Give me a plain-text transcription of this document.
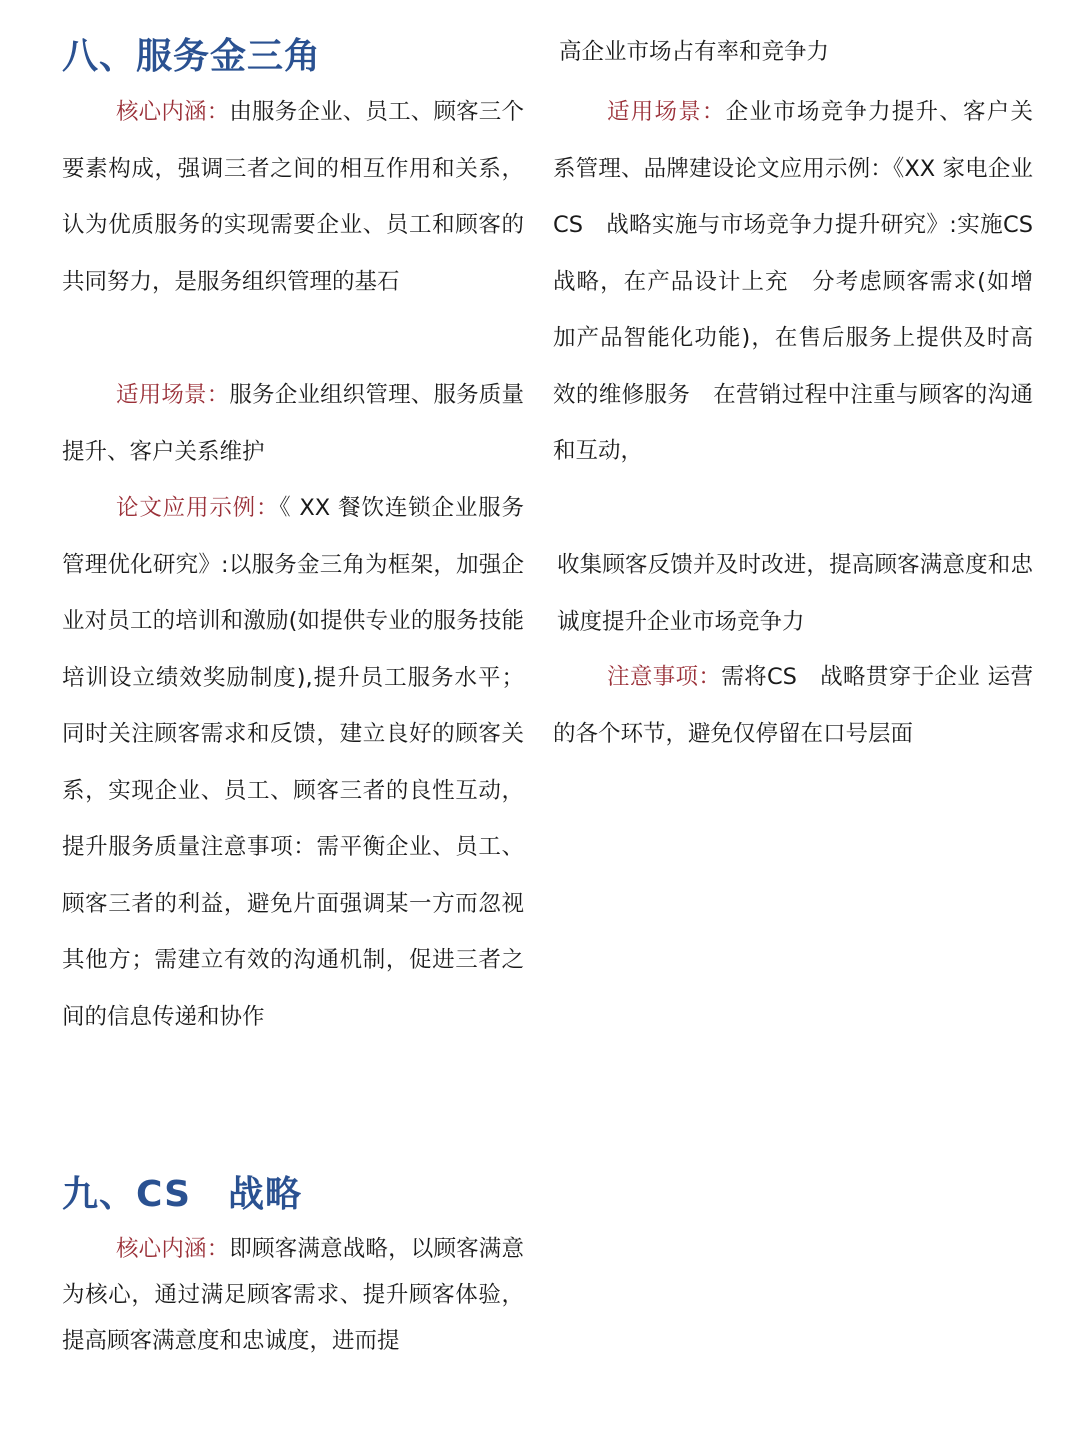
八、服务金三角

核心内涵：由服务企业、员工、顾客三个要素构成，强调三者之间的相互作用和关系，认为优质服务的实现需要企业、员工和顾客的共同努力，是服务组织管理的基石

适用场景：服务企业组织管理、服务质量提升、客户关系维护

论文应用示例：《 XX 餐饮连锁企业服务管理优化研究》:以服务金三角为框架，加强企业对员工的培训和激励(如提供专业的服务技能培训设立绩效奖励制度),提升员工服务水平；同时关注顾客需求和反馈，建立良好的顾客关系，实现企业、员工、顾客三者的良性互动，提升服务质量注意事项：需平衡企业、员工、顾客三者的利益，避免片面强调某一方而忽视其他方；需建立有效的沟通机制，促进三者之间的信息传递和协作

九、CS　战略

核心内涵：即顾客满意战略，以顾客满意为核心，通过满足顾客需求、提升顾客体验，提高顾客满意度和忠诚度，进而提

高企业市场占有率和竞争力

适用场景：企业市场竞争力提升、客户关系管理、品牌建设论文应用示例：《XX 家电企业CS　战略实施与市场竞争力提升研究》:实施CS　战略，在产品设计上充　分考虑顾客需求(如增加产品智能化功能)，在售后服务上提供及时高效的维修服务　在营销过程中注重与顾客的沟通和互动，

收集顾客反馈并及时改进，提高顾客满意度和忠诚度提升企业市场竞争力

注意事项：需将CS　战略贯穿于企业 运营的各个环节，避免仅停留在口号层面
